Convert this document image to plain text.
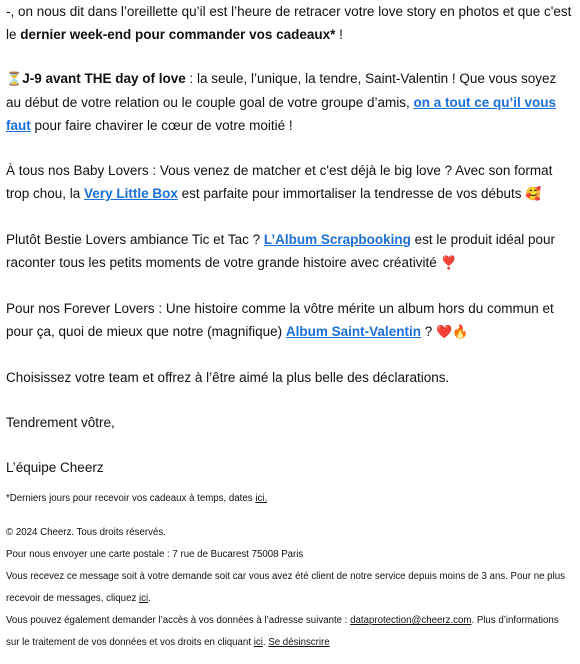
-, on nous dit dans l’oreillette qu’il est l’heure de retracer votre love story en photos et que c'est le dernier week-end pour commander vos cadeaux* !

⏳J-9 avant THE day of love : la seule, l’unique, la tendre, Saint-Valentin ! Que vous soyez au début de votre relation ou le couple goal de votre groupe d’amis, on a tout ce qu’il vous faut pour faire chavirer le cœur de votre moitié !

À tous nos Baby Lovers : Vous venez de matcher et c'est déjà le big love ? Avec son format trop chou, la Very Little Box est parfaite pour immortaliser la tendresse de vos débuts 🥰

Plutôt Bestie Lovers ambiance Tic et Tac ? L’Album Scrapbooking est le produit idéal pour raconter tous les petits moments de votre grande histoire avec créativité ❣️

Pour nos Forever Lovers : Une histoire comme la vôtre mérite un album hors du commun et pour ça, quoi de mieux que notre (magnifique) Album Saint-Valentin ? ❤️🔥

Choisissez votre team et offrez à l’être aimé la plus belle des déclarations.

Tendrement vôtre,

L’équipe Cheerz

*Derniers jours pour recevoir vos cadeaux à temps, dates ici.

© 2024 Cheerz. Tous droits réservés.

Pour nous envoyer une carte postale : 7 rue de Bucarest 75008 Paris

Vous recevez ce message soit à votre demande soit car vous avez été client de notre service depuis moins de 3 ans. Pour ne plus recevoir de messages, cliquez ici.

Vous pouvez également demander l’accès à vos données à l’adresse suivante : dataprotection@cheerz.com. Plus d’informations sur le traitement de vos données et vos droits en cliquant ici. Se désinscrire
